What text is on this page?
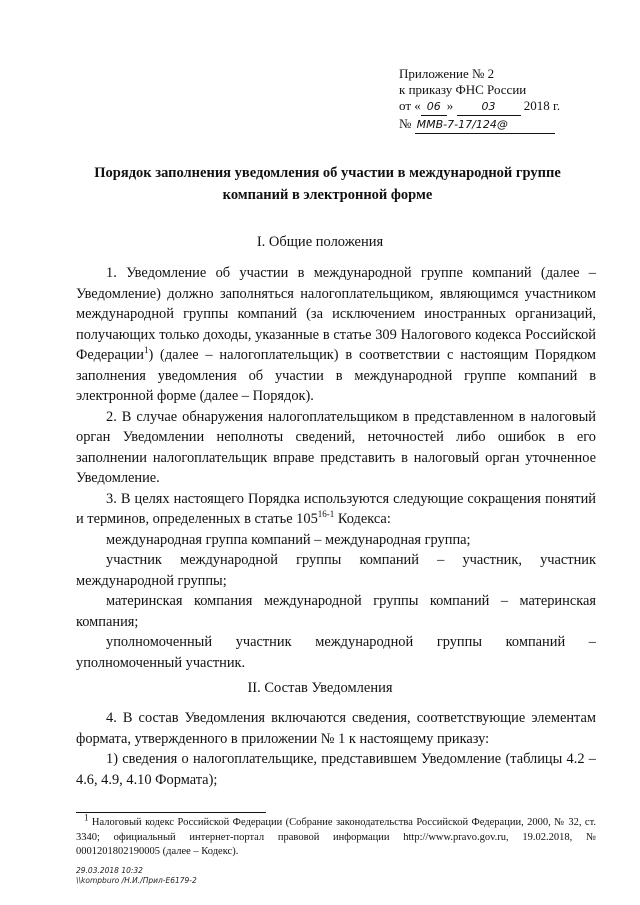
Приложение № 2
к приказу ФНС России
от « 06 »	03 2018 г.
№ ММВ-7-17/124@
Порядок заполнения уведомления об участии в международной группе компаний в электронной форме
I. Общие положения

1. Уведомление об участии в международной группе компаний (далее – Уведомление) должно заполняться налогоплательщиком, являющимся участником международной группы компаний (за исключением иностранных организаций, получающих только доходы, указанные в статье 309 Налогового кодекса Российской Федерации$^1$) (далее – налогоплательщик) в соответствии с настоящим Порядком заполнения уведомления об участии в международной группе компаний в электронной форме (далее – Порядок).

2. В случае обнаружения налогоплательщиком в представленном в налоговый орган Уведомлении неполноты сведений, неточностей либо ошибок в его заполнении налогоплательщик вправе представить в налоговый орган уточненное Уведомление.

3. В целях настоящего Порядка используются следующие сокращения понятий и терминов, определенных в статье 105$^{16-1}$ Кодекса:

международная группа компаний – международная группа;

участник международной группы компаний – участник, участник международной группы;

материнская компания международной группы компаний – материнская компания;

уполномоченный участник международной группы компаний – уполномоченный участник.

II. Состав Уведомления

4. В состав Уведомления включаются сведения, соответствующие элементам формата, утвержденного в приложении № 1 к настоящему приказу:

1) сведения о налогоплательщике, представившем Уведомление (таблицы 4.2 – 4.6, 4.9, 4.10 Формата);

$^1$ Налоговый кодекс Российской Федерации (Собрание законодательства Российской Федерации, 2000, № 32, ст. 3340; официальный интернет-портал правовой информации http://www.pravo.gov.ru, 19.02.2018, № 0001201802190005 (далее – Кодекс).

29.03.2018 10:32
\\kompburo /Н.И./Прил-Е6179-2
